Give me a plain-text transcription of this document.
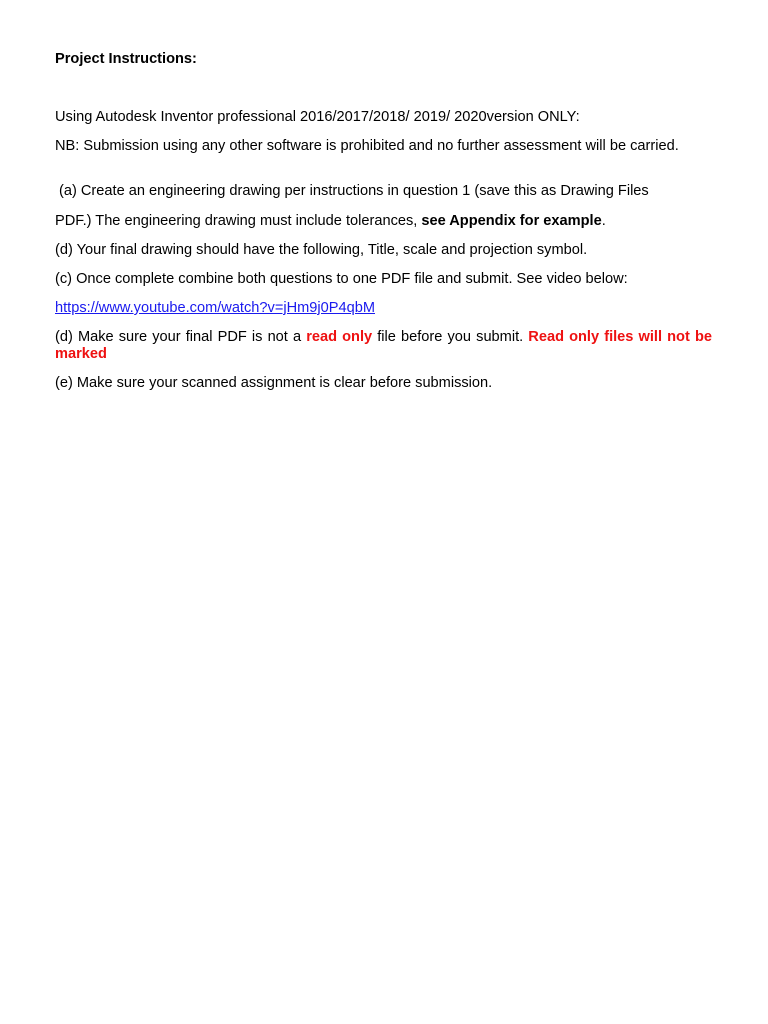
Project Instructions:
Using Autodesk Inventor professional 2016/2017/2018/ 2019/ 2020version ONLY:
NB: Submission using any other software is prohibited and no further assessment will be carried.
(a) Create an engineering drawing per instructions in question 1 (save this as Drawing Files
PDF.) The engineering drawing must include tolerances, see Appendix for example.
(d) Your final drawing should have the following, Title, scale and projection symbol.
(c) Once complete combine both questions to one PDF file and submit. See video below:
https://www.youtube.com/watch?v=jHm9j0P4qbM
(d) Make sure your final PDF is not a read only file before you submit. Read only files will not be marked
(e) Make sure your scanned assignment is clear before submission.
